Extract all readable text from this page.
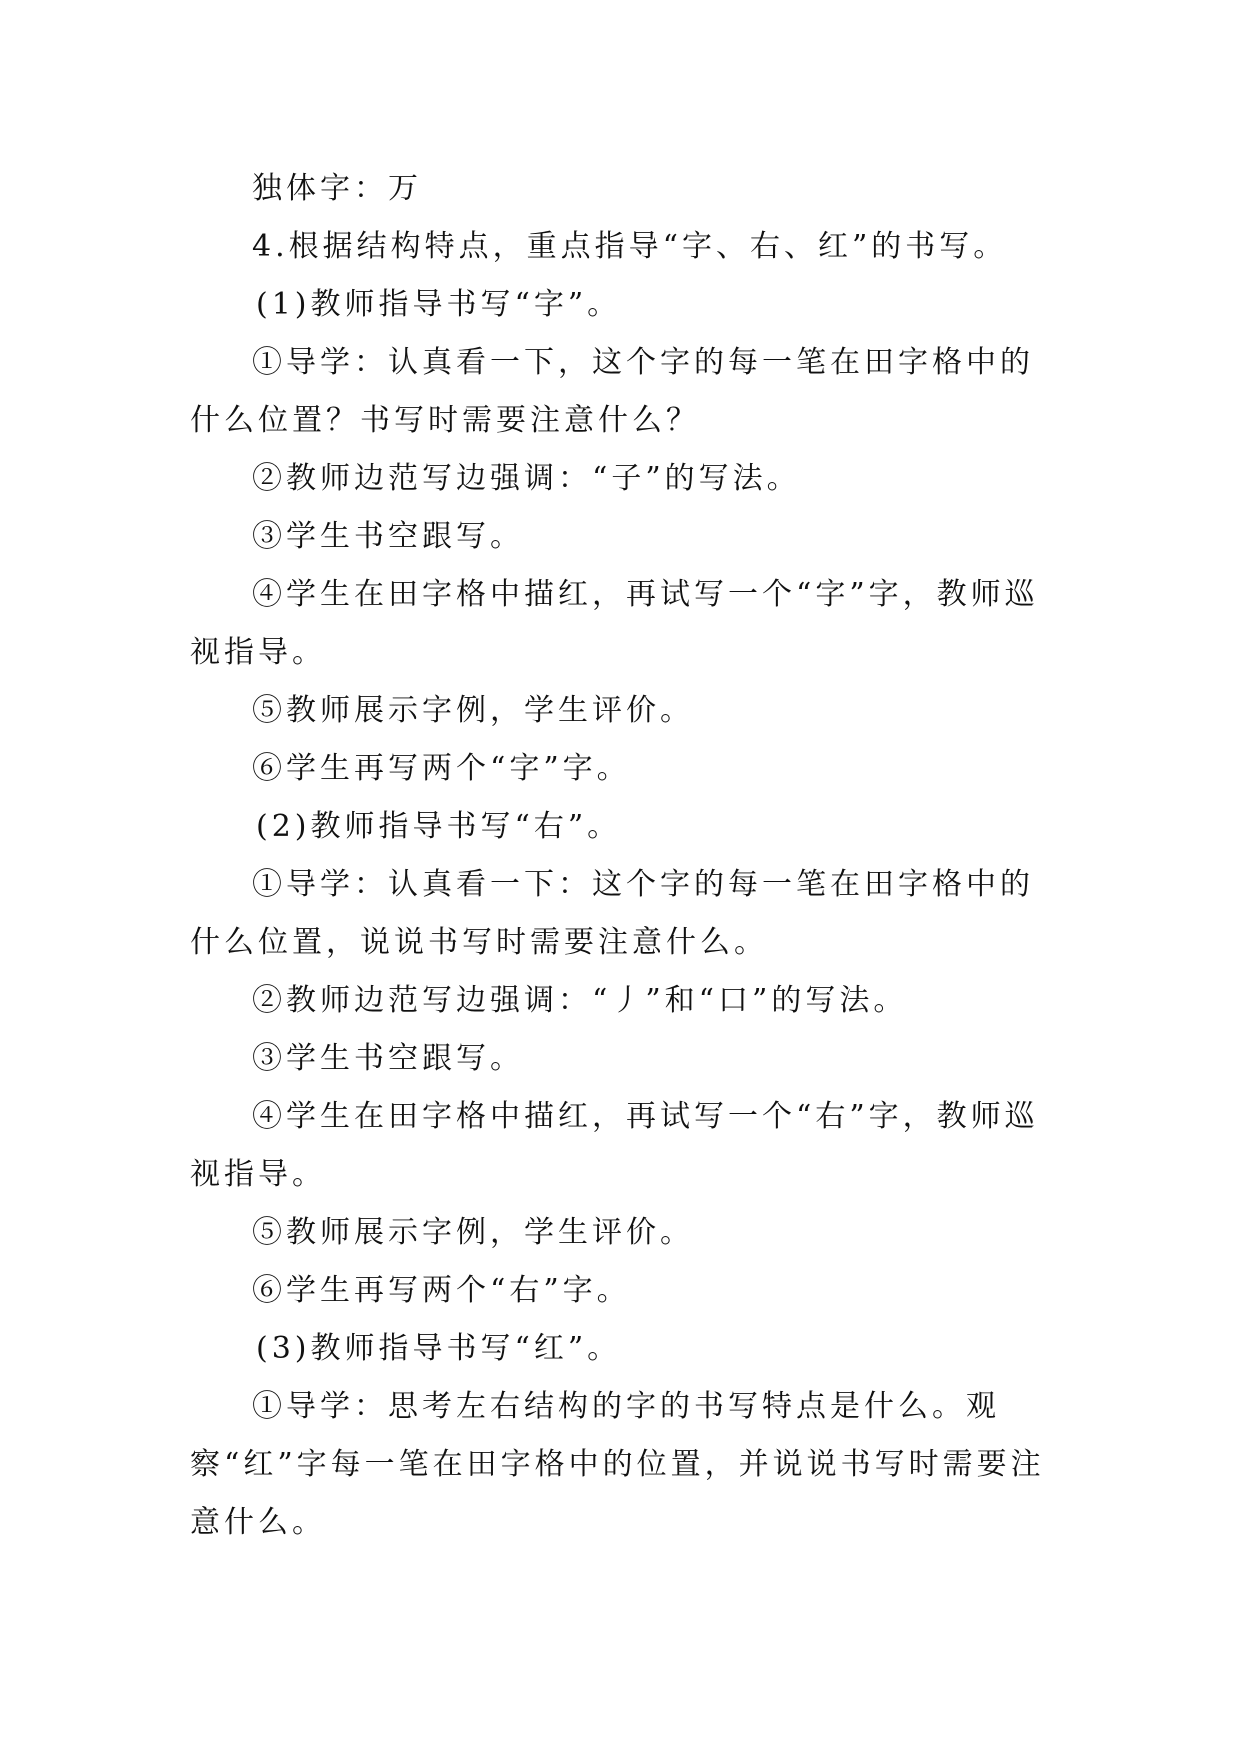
独体字：万

4.根据结构特点，重点指导“字、右、红”的书写。

(1)教师指导书写“字”。

①导学：认真看一下，这个字的每一笔在田字格中的什么位置？书写时需要注意什么？

②教师边范写边强调：“子”的写法。

③学生书空跟写。

④学生在田字格中描红，再试写一个“字”字，教师巡视指导。

⑤教师展示字例，学生评价。

⑥学生再写两个“字”字。

(2)教师指导书写“右”。

①导学：认真看一下：这个字的每一笔在田字格中的什么位置，说说书写时需要注意什么。

②教师边范写边强调：“丿”和“口”的写法。

③学生书空跟写。

④学生在田字格中描红，再试写一个“右”字，教师巡视指导。

⑤教师展示字例，学生评价。

⑥学生再写两个“右”字。

(3)教师指导书写“红”。

①导学：思考左右结构的字的书写特点是什么。观察“红”字每一笔在田字格中的位置，并说说书写时需要注意什么。
